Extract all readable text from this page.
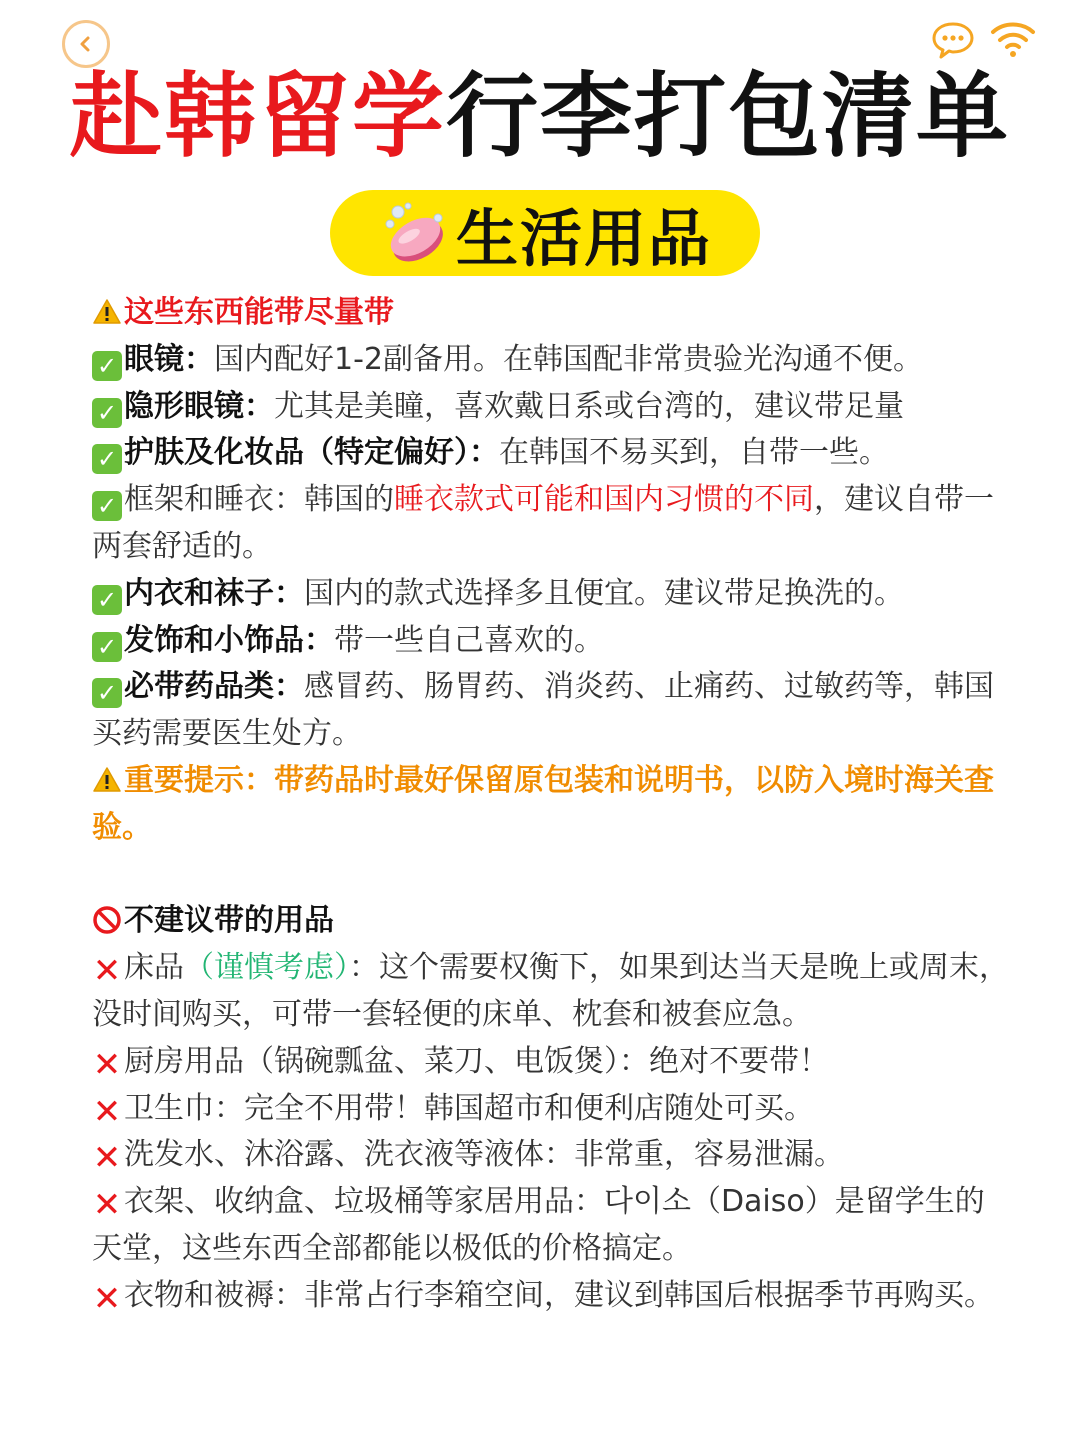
赴韩留学行李打包清单
生活用品

这些东西能带尽量带

✓ 眼镜：国内配好1-2副备用。在韩国配非常贵验光沟通不便。

✓ 隐形眼镜：尤其是美瞳，喜欢戴日系或台湾的，建议带足量

✓ 护肤及化妆品（特定偏好）：在韩国不易买到，自带一些。

✓ 框架和睡衣：韩国的睡衣款式可能和国内习惯的不同，建议自带一两套舒适的。

✓ 内衣和袜子：国内的款式选择多且便宜。建议带足换洗的。

✓ 发饰和小饰品：带一些自己喜欢的。

✓ 必带药品类：感冒药、肠胃药、消炎药、止痛药、过敏药等，韩国买药需要医生处方。

重要提示：带药品时最好保留原包装和说明书，以防入境时海关查验。

不建议带的用品

✕床品（谨慎考虑）：这个需要权衡下，如果到达当天是晚上或周末，没时间购买，可带一套轻便的床单、枕套和被套应急。

✕厨房用品（锅碗瓢盆、菜刀、电饭煲）：绝对不要带！

✕卫生巾：完全不用带！韩国超市和便利店随处可买。

✕洗发水、沐浴露、洗衣液等液体：非常重，容易泄漏。

✕衣架、收纳盒、垃圾桶等家居用品：다이소（Daiso）是留学生的天堂，这些东西全部都能以极低的价格搞定。

✕衣物和被褥：非常占行李箱空间，建议到韩国后根据季节再购买。
